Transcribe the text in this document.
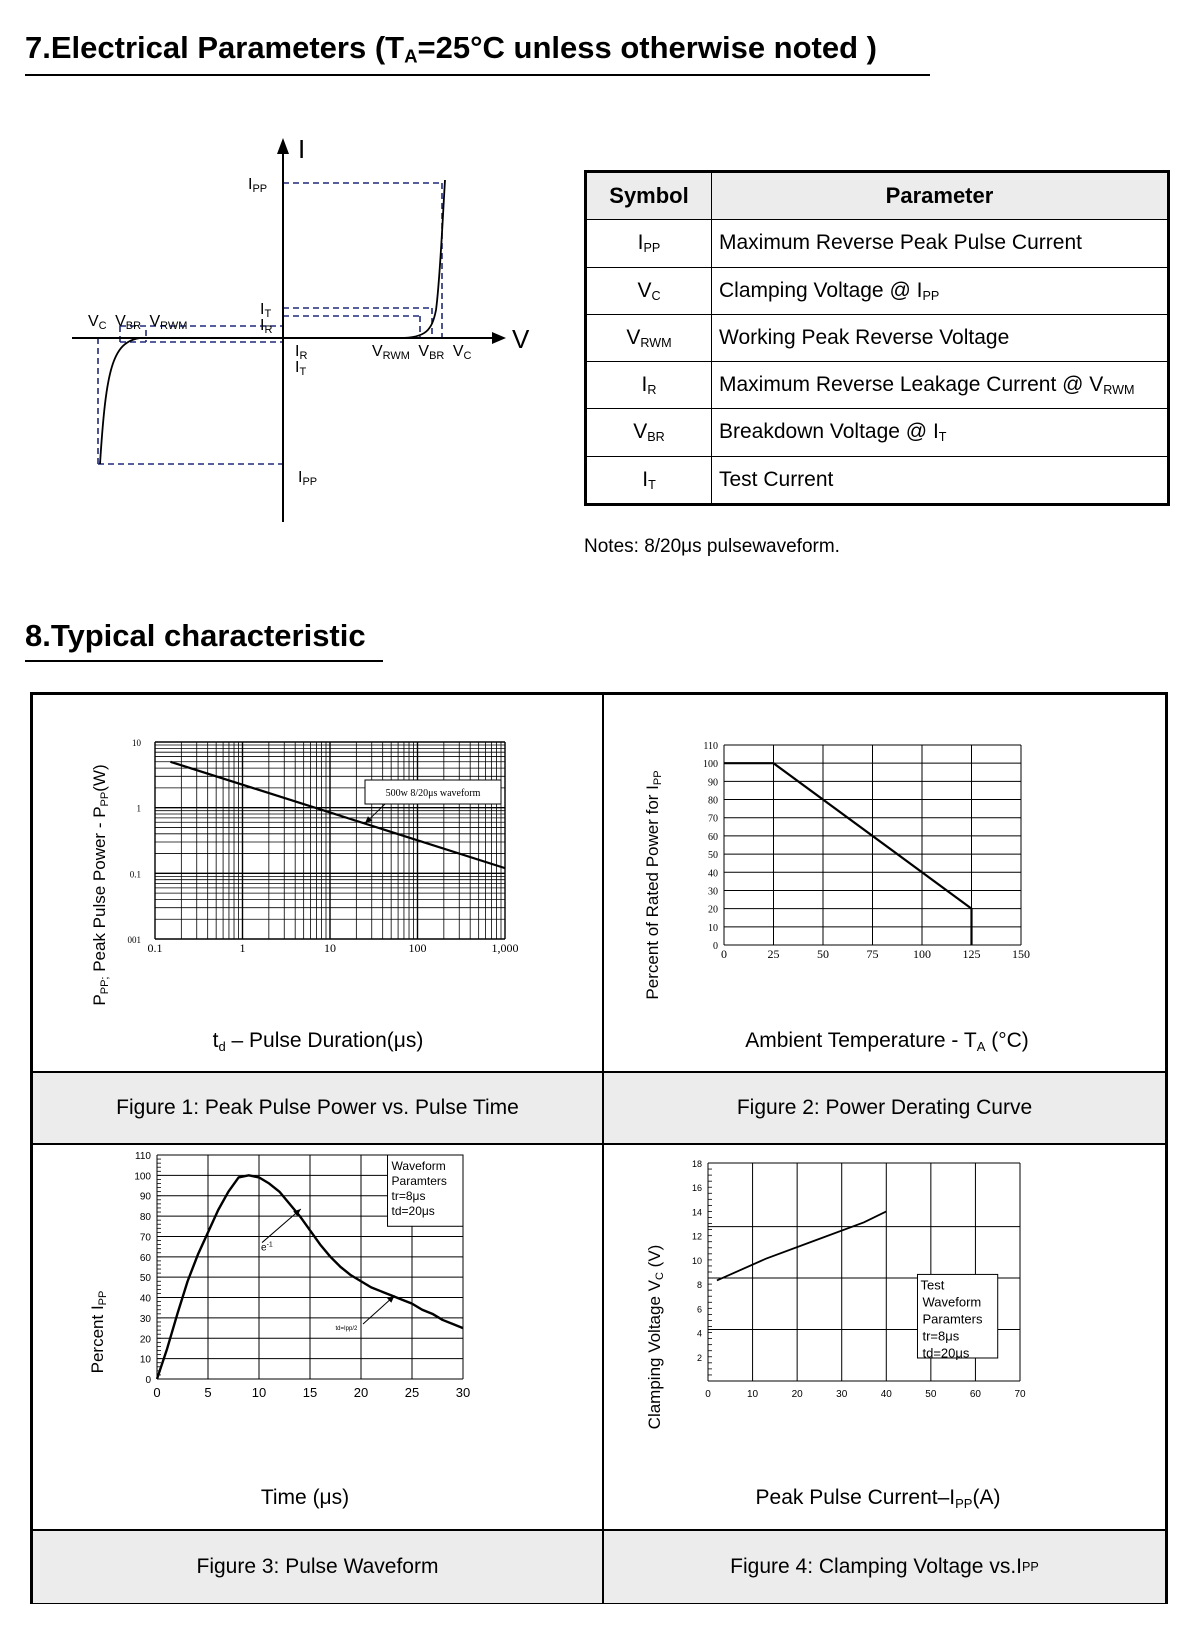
7.Electrical Parameters ($T_A=25^\circ C$ unless otherwise noted )
I
V
IPP
IPP
IT
IR
IR
IT
VC VBR VRWM
VRWM VBR VC
Symbol	Parameter
$I_{PP}$	Maximum Reverse Peak Pulse Current
$V_C$	Clamping Voltage @ $I_{PP}$
$V_{RWM}$	Working Peak Reverse Voltage
$I_R$	Maximum Reverse Leakage Current @ $V_{RWM}$
$V_{BR}$	Breakdown Voltage @ $I_T$
$I_T$	Test Current
Notes: 8/20μs pulsewaveform.
8.Typical characteristic
Figure 1: Peak Pulse Power vs. Pulse Time	Figure 2: Power Derating Curve
Figure 3: Pulse Waveform	Figure 4: Clamping Voltage vs.I PP
0.1	1	10	100	1,000
10
1
0.1
001
500w 8/20μs waveform
td – Pulse Duration(μs)
PPP; Peak Pulse Power - PPP(W)
0	25	50	75	100	125	150
0
10
20
30
40
50
60
70
80
90
100
110
Ambient Temperature - TA (°C)
Percent of Rated Power for IPP
0	5	10	15	20	25	30
0
10
20
30
40
50
60
70
80
90
100
110
Waveform
Paramters
tr=8μs
td=20μs
$e^{-1}$
td=Ipp/2
Time (μs)
Percent IPP
0	10	20	30	40	50	60	70
2
4
6
8
10
12
14
16
18
Test
Waveform
Paramters
tr=8μs
td=20μs
Peak Pulse Current–IPP(A)
Clamping Voltage VC (V)
